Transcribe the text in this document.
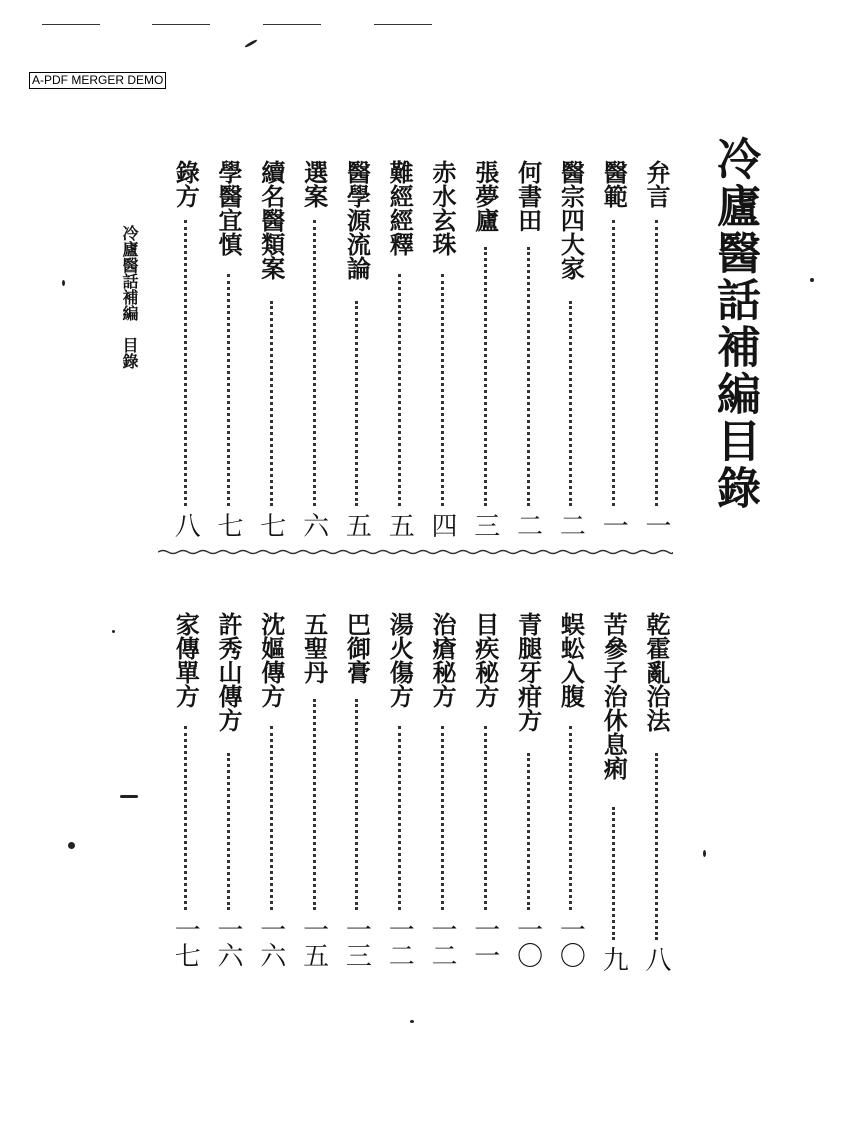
A-PDF MERGER DEMO
冷廬醫話補編目錄
冷廬醫話補編目錄
弁言
一
醫範
一
醫宗四大家
二
何書田
二
張夢廬
三
赤水玄珠
四
難經經釋
五
醫學源流論
五
選案
六
續名醫類案
七
學醫宜慎
七
錄方
八
乾霍亂治法
八
苦參子治休息痢
九
蜈蚣入腹
一〇
青腿牙疳方
一〇
目疾秘方
一一
治瘡秘方
一二
湯火傷方
一二
巴御膏
一三
五聖丹
一五
沈嫗傳方
一六
許秀山傳方
一六
家傳單方
一七
